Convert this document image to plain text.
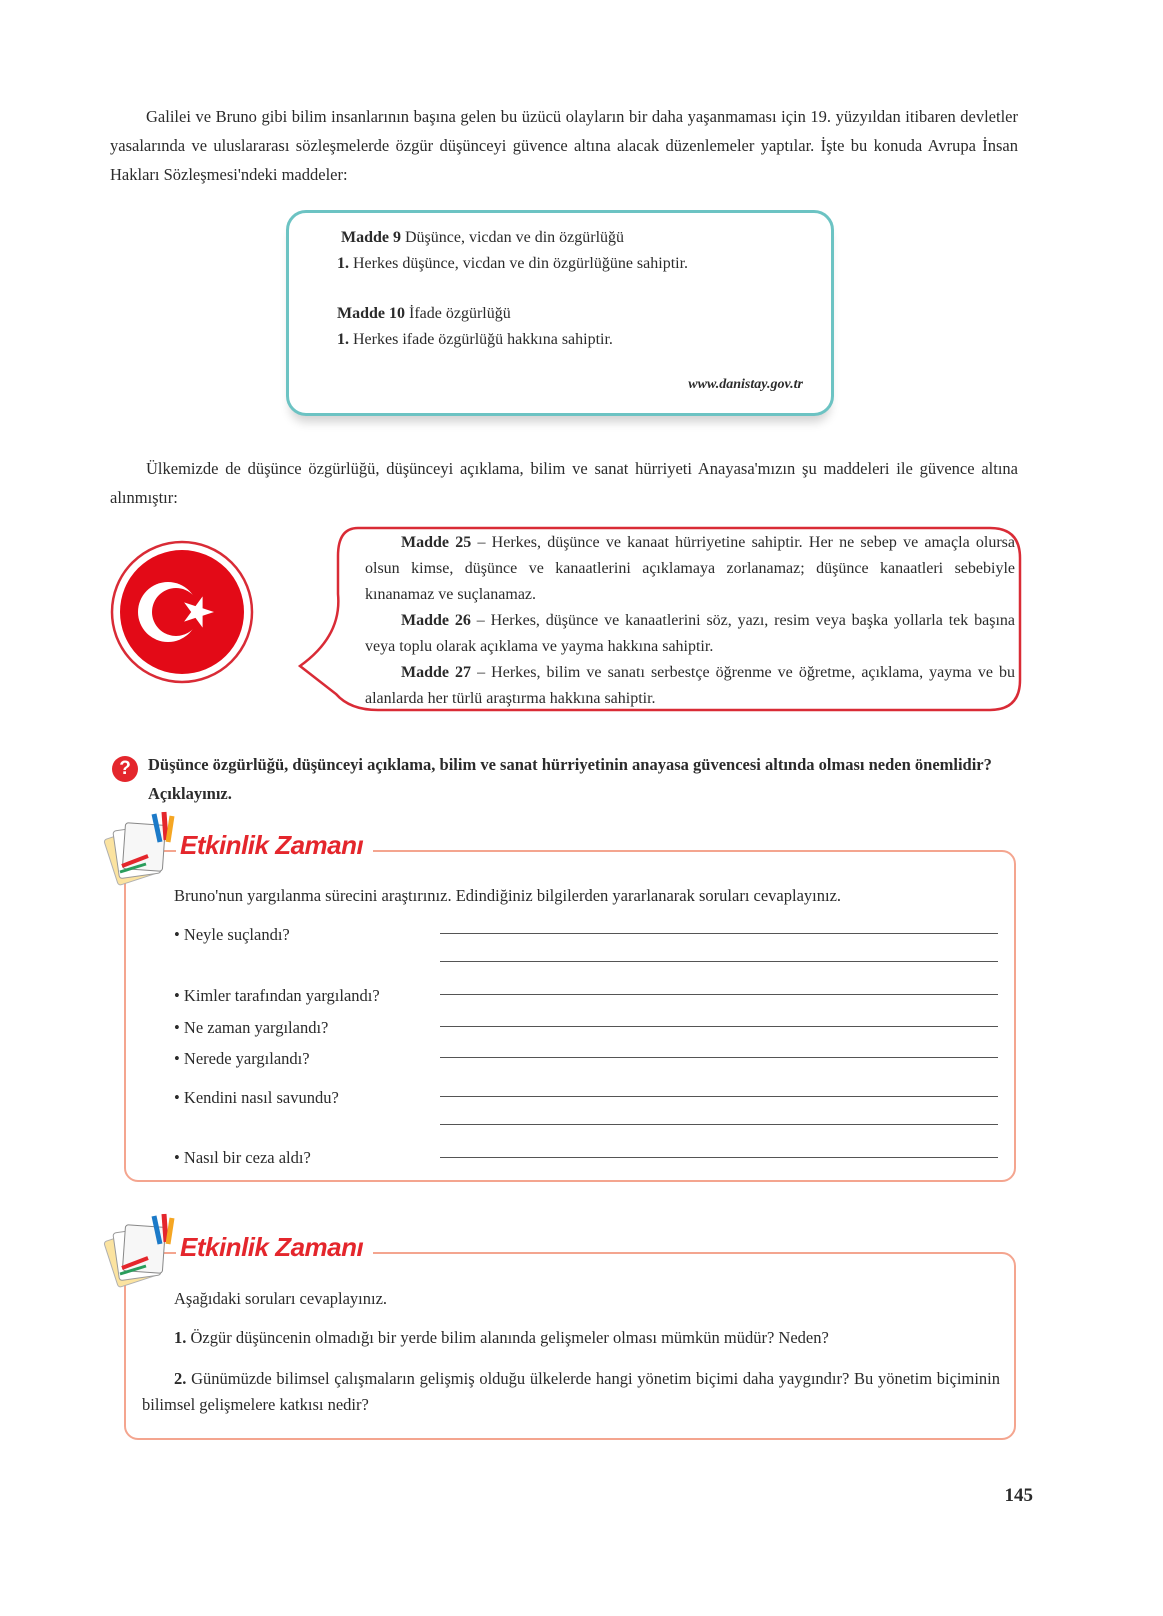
Galilei ve Bruno gibi bilim insanlarının başına gelen bu üzücü olayların bir daha yaşanmaması için 19. yüzyıldan itibaren devletler yasalarında ve uluslararası sözleşmelerde özgür düşünceyi güvence altına alacak düzenlemeler yaptılar. İşte bu konuda Avrupa İnsan Hakları Sözleşmesi'ndeki maddeler:

Madde 9 Düşünce, vicdan ve din özgürlüğü
1. Herkes düşünce, vicdan ve din özgürlüğüne sahiptir.
Madde 10 İfade özgürlüğü
1. Herkes ifade özgürlüğü hakkına sahiptir.
www.danistay.gov.tr

Ülkemizde de düşünce özgürlüğü, düşünceyi açıklama, bilim ve sanat hürriyeti Anayasa'mızın şu maddeleri ile güvence altına alınmıştır:

Madde 25 – Herkes, düşünce ve kanaat hürriyetine sahiptir. Her ne sebep ve amaçla olursa olsun kimse, düşünce ve kanaatlerini açıklamaya zorlanamaz; düşünce kanaatleri sebebiyle kınanamaz ve suçlanamaz.

Madde 26 – Herkes, düşünce ve kanaatlerini söz, yazı, resim veya başka yollarla tek başına veya toplu olarak açıklama ve yayma hakkına sahiptir.

Madde 27 – Herkes, bilim ve sanatı serbestçe öğrenme ve öğretme, açıklama, yayma ve bu alanlarda her türlü araştırma hakkına sahiptir.

?	Düşünce özgürlüğü, düşünceyi açıklama, bilim ve sanat hürriyetinin anayasa güvencesi altında olması neden önemlidir? Açıklayınız.

Etkinlik Zamanı

Bruno'nun yargılanma sürecini araştırınız. Edindiğiniz bilgilerden yararlanarak soruları cevaplayınız.

• Neyle suçlandı?

• Kimler tarafından yargılandı?

• Ne zaman yargılandı?

• Nerede yargılandı?

• Kendini nasıl savundu?

• Nasıl bir ceza aldı?

Etkinlik Zamanı

Aşağıdaki soruları cevaplayınız.

1. Özgür düşüncenin olmadığı bir yerde bilim alanında gelişmeler olması mümkün müdür? Neden?

2. Günümüzde bilimsel çalışmaların gelişmiş olduğu ülkelerde hangi yönetim biçimi daha yaygındır? Bu yönetim biçiminin bilimsel gelişmelere katkısı nedir?

145
